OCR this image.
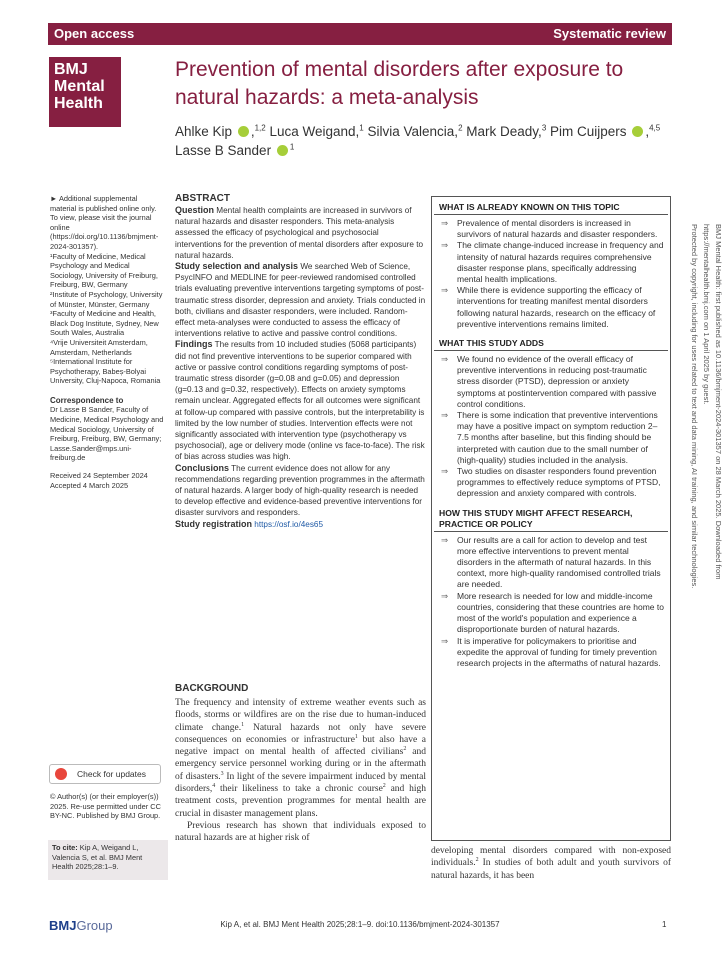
Open access	Systematic review
BMJ
Mental
Health
Prevention of mental disorders after exposure to natural hazards: a meta-analysis
Ahlke Kip ,$^{1,2}$ Luca Weigand,$^1$ Silvia Valencia,$^2$ Mark Deady,$^3$ Pim Cuijpers ,$^{4,5}$
Lasse B Sander $^1$

► Additional supplemental material is published online only. To view, please visit the journal online (https://doi.org/10.1136/bmjment-2024-301357).

¹Faculty of Medicine, Medical Psychology and Medical Sociology, University of Freiburg, Freiburg, BW, Germany

²Institute of Psychology, University of Münster, Münster, Germany

³Faculty of Medicine and Health, Black Dog Institute, Sydney, New South Wales, Australia

⁴Vrije Universiteit Amsterdam, Amsterdam, Netherlands

⁵International Institute for Psychotherapy, Babeș-Bolyai University, Cluj-Napoca, Romania

Correspondence to

Dr Lasse B Sander, Faculty of Medicine, Medical Psychology and Medical Sociology, University of Freiburg, Freiburg, BW, Germany; Lasse.Sander@mps.uni-freiburg.de

Received 24 September 2024

Accepted 4 March 2025

Check for updates
© Author(s) (or their employer(s)) 2025. Re-use permitted under CC BY-NC. Published by BMJ Group.
To cite: Kip A, Weigand L, Valencia S, et al. BMJ Ment Health 2025;28:1–9.
ABSTRACT

Question Mental health complaints are increased in survivors of natural hazards and disaster responders. This meta-analysis assessed the efficacy of psychological and psychosocial interventions for the prevention of mental disorders after exposure to natural hazards.

Study selection and analysis We searched Web of Science, PsycINFO and MEDLINE for peer-reviewed randomised controlled trials evaluating preventive interventions targeting symptoms of post-traumatic stress disorder, depression and anxiety. Trials conducted in both, civilians and disaster responders, were included. Random-effect meta-analyses were conducted to assess the efficacy of interventions relative to active and passive control conditions.

Findings The results from 10 included studies (5068 participants) did not find preventive interventions to be superior compared with active or passive control conditions regarding symptoms of post-traumatic stress disorder (g=0.08 and g=0.05) and depression (g=0.13 and g=0.32, respectively). Effects on anxiety symptoms remain unclear. Aggregated effects for all outcomes were significant at follow-up compared with passive controls, but the interpretability is limited by the low number of studies. Intervention effects were not significantly associated with intervention type (psychotherapy vs psychosocial), age or delivery mode (online vs face-to-face). The risk of bias across studies was high.

Conclusions The current evidence does not allow for any recommendations regarding prevention programmes in the aftermath of natural hazards. A larger body of high-quality research is needed to develop effective and evidence-based preventive interventions for disaster survivors and responders.

Study registration https://osf.io/4es65

BACKGROUND

The frequency and intensity of extreme weather events such as floods, storms or wildfires are on the rise due to human-induced climate change.$^1$ Natural hazards not only have severe consequences on economies or infrastructure$^1$ but also have a negative impact on mental health of affected civilians$^2$ and emergency service personnel working during or in the aftermath of disasters.$^3$ In light of the severe impairment induced by mental disorders,$^4$ their likeliness to take a chronic course$^2$ and high treatment costs, prevention programmes for mental health are crucial in disaster management plans.

Previous research has shown that individuals exposed to natural hazards are at higher risk of

WHAT IS ALREADY KNOWN ON THIS TOPIC
⇒ Prevalence of mental disorders is increased in survivors of natural hazards and disaster responders.
⇒ The climate change-induced increase in frequency and intensity of natural hazards requires comprehensive disaster response plans, specifically addressing mental health implications.
⇒ While there is evidence supporting the efficacy of interventions for treating manifest mental disorders following natural hazards, research on the efficacy of preventive interventions remains limited.
WHAT THIS STUDY ADDS
⇒ We found no evidence of the overall efficacy of preventive interventions in reducing post-traumatic stress disorder (PTSD), depression or anxiety symptoms at postintervention compared with passive control conditions.
⇒ There is some indication that preventive interventions may have a positive impact on symptom reduction 2–7.5 months after baseline, but this finding should be interpreted with caution due to the small number of (high-quality) studies included in the analysis.
⇒ Two studies on disaster responders found prevention programmes to effectively reduce symptoms of PTSD, depression and anxiety compared with controls.
HOW THIS STUDY MIGHT AFFECT RESEARCH, PRACTICE OR POLICY
⇒ Our results are a call for action to develop and test more effective interventions to prevent mental disorders in the aftermath of natural hazards. In this context, more high-quality randomised controlled trials are needed.
⇒ More research is needed for low and middle-income countries, considering that these countries are home to most of the world's population and experience a disproportionate burden of natural hazards.
⇒ It is imperative for policymakers to prioritise and expedite the approval of funding for timely prevention research projects in the aftermaths of natural hazards.
developing mental disorders compared with non-exposed individuals.$^2$ In studies of both adult and youth survivors of natural hazards, it has been
BMJGroup	Kip A, et al. BMJ Ment Health 2025;28:1–9. doi:10.1136/bmjment-2024-301357	1
BMJ Mental Health: first published as 10.1136/bmjment-2024-301357 on 28 March 2025. Downloaded from https://mentalhealth.bmj.com on 1 April 2025 by guest.
Protected by copyright, including for uses related to text and data mining, AI training, and similar technologies.
